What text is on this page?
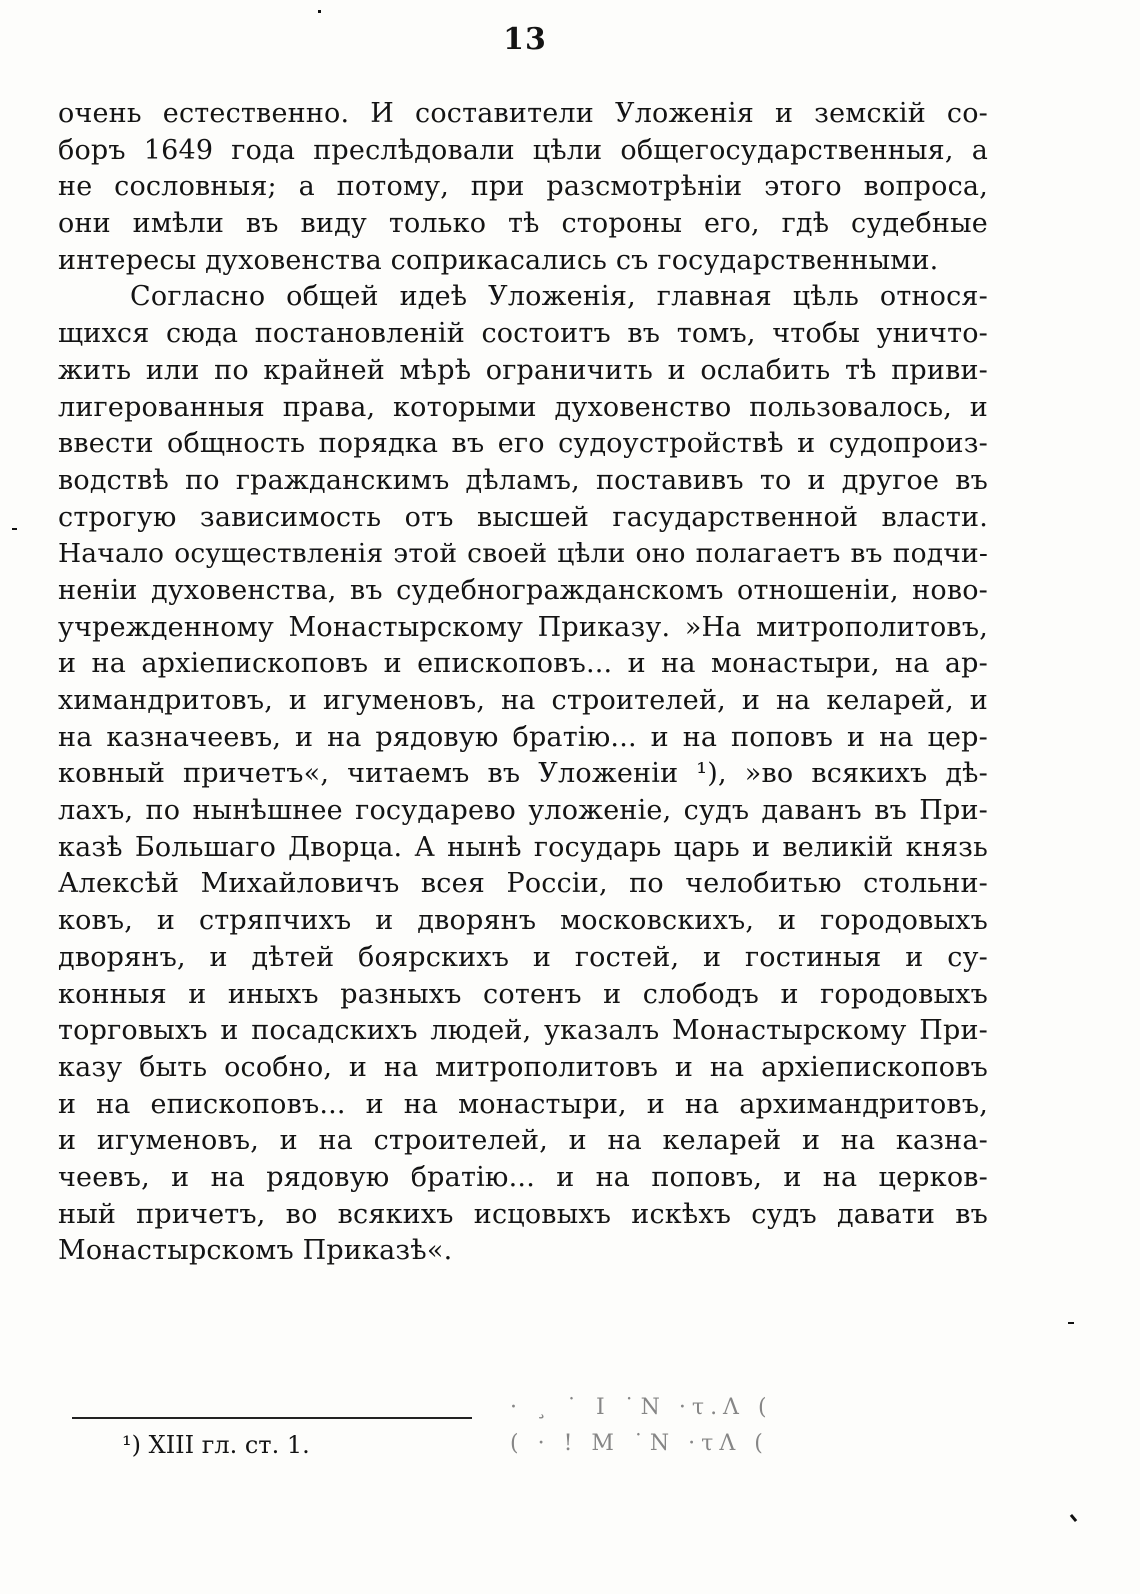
13
очень естественно. И составители Уложенія и земскій со-
боръ 1649 года преслѣдовали цѣли общегосударственныя, а
не сословныя; а потому, при разсмотрѣніи этого вопроса,
они имѣли въ виду только тѣ стороны его, гдѣ судебные
интересы духовенства соприкасались съ государственными.
Согласно общей идеѣ Уложенія, главная цѣль относя-
щихся сюда постановленій состоитъ въ томъ, чтобы уничто-
жить или по крайней мѣрѣ ограничить и ослабить тѣ приви-
лигерованныя права, которыми духовенство пользовалось, и
ввести общность порядка въ его судоустройствѣ и судопроиз-
водствѣ по гражданскимъ дѣламъ, поставивъ то и другое въ
строгую зависимость отъ высшей гасударственной власти.
Начало осуществленія этой своей цѣли оно полагаетъ въ подчи-
неніи духовенства, въ судебногражданскомъ отношеніи, ново-
учрежденному Монастырскому Приказу. »На митрополитовъ,
и на архіепископовъ и епископовъ... и на монастыри, на ар-
химандритовъ, и игуменовъ, на строителей, и на келарей, и
на казначеевъ, и на рядовую братію... и на поповъ и на цер-
ковный причетъ«, читаемъ въ Уложеніи ¹), »во всякихъ дѣ-
лахъ, по нынѣшнее государево уложеніе, судъ даванъ въ При-
казѣ Большаго Дворца. А нынѣ государь царь и великій князь
Алексѣй Михайловичъ всея Россіи, по челобитью стольни-
ковъ, и стряпчихъ и дворянъ московскихъ, и городовыхъ
дворянъ, и дѣтей боярскихъ и гостей, и гостиныя и су-
конныя и иныхъ разныхъ сотенъ и слободъ и городовыхъ
торговыхъ и посадскихъ людей, указалъ Монастырскому При-
казу быть особно, и на митрополитовъ и на архіепископовъ
и на епископовъ... и на монастыри, и на архимандритовъ,
и игуменовъ, и на строителей, и на келарей и на казна-
чеевъ, и на рядовую братію... и на поповъ, и на церков-
ный причетъ, во всякихъ исцовыхъ искѣхъ судъ давати въ
Монастырскомъ Приказѣ«.
¹) XIII гл. ст. 1.
· ¸ ˙ Ι ˙Ν ·τ.Λ (
( · ! Μ ˙Ν ·τΛ (
